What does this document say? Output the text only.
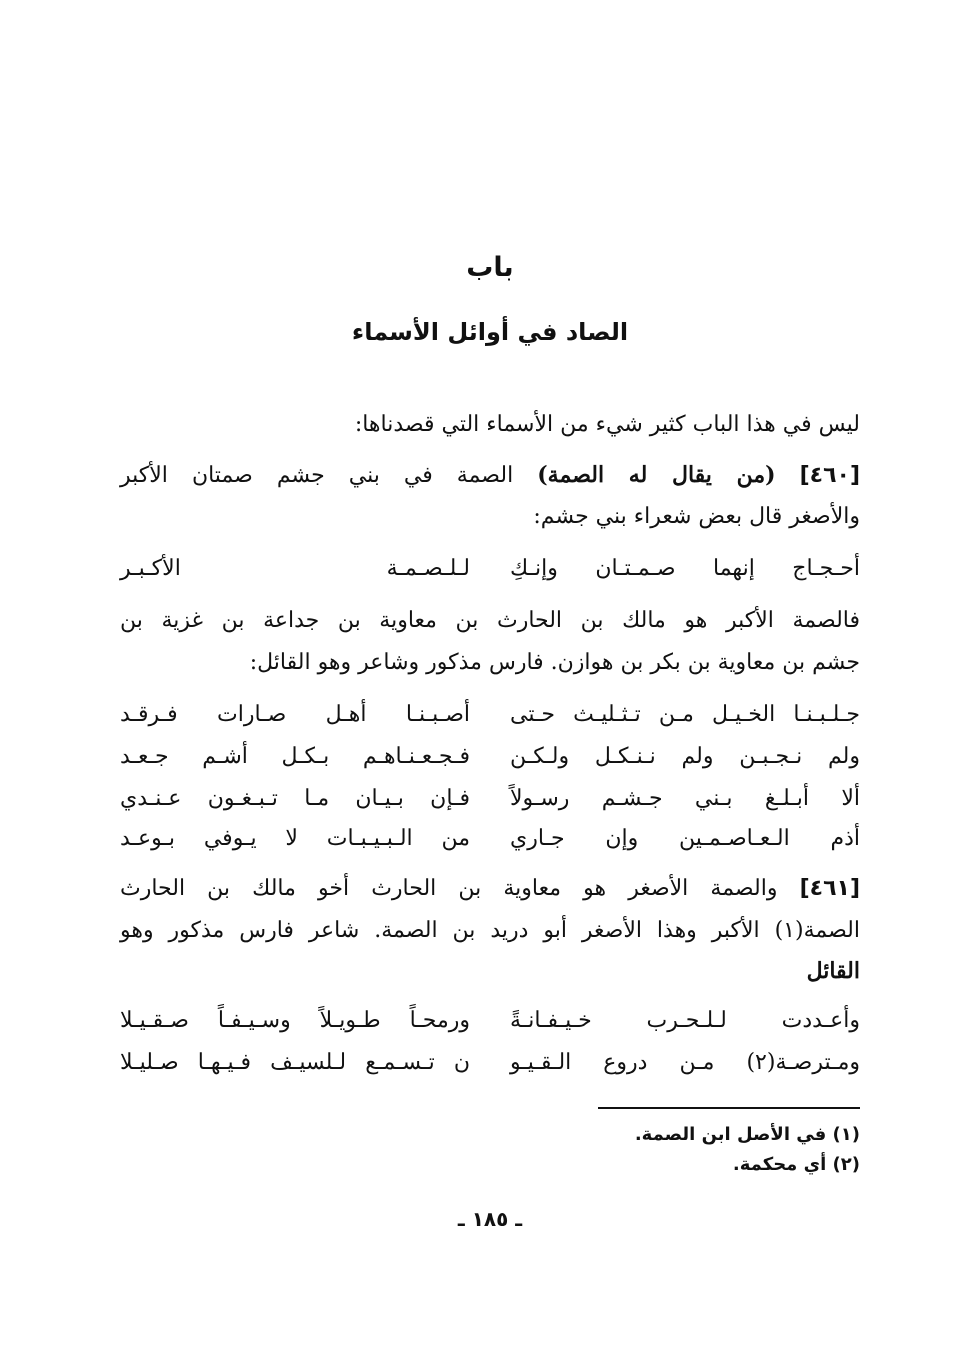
باب
الصاد في أوائل الأسماء
ليس في هذا الباب كثير شيء من الأسماء التي قصدناها:
[٤٦٠] (من يقال له الصمة) الصمة في بني جشم صمتان الأكبر
والأصغر قال بعض شعراء بني جشم:
أحـجـاج إنهما صـمـتـان وإنـكِ
لـلـصـمـة الأكـبـر
فالصمة الأكبر هو مالك بن الحارث بن معاوية بن جداعة بن غزية بن
جشم بن معاوية بن بكر بن هوازن. فارس مذكور وشاعر وهو القائل:
جـلـبـنـا الخـيـل مـن تـثـليـث حـتى
أصـبـنـا أهـل صـارات فـرقـد
ولم نـجـبـن ولم نـنـكـل ولـكـن
فـجـعـنـاهـم بـكـل أشـم جـعـد
ألا أبـلـغ بـني جـشـم رسـولاً
فـإن بـيـان مـا تـبـغـون عـنـدي
أذم الـعـاصـمـين وإن جـاري
من الـبـيـبـات لا يـوفي بـوعـد
[٤٦١] والصمة الأصغر هو معاوية بن الحارث أخو مالك بن الحارث
الصمة(١) الأكبر وهذا الأصغر أبو دريد بن الصمة. شاعر فارس مذكور وهو
القائل
وأعـددت لـلـحـرب خـيـفـانـةً
ورمحـاً طـويـلاً وسـيـفـاً صـقـيـلا
ومـترصـة(٢) مـن دروع الـقـيـو
ن تـسـمـع لـلسيـف فـيـهـا صـليـلا
(١) في الأصل ابن الصمة.
(٢) أي محكمة.
ـ ١٨٥ ـ
